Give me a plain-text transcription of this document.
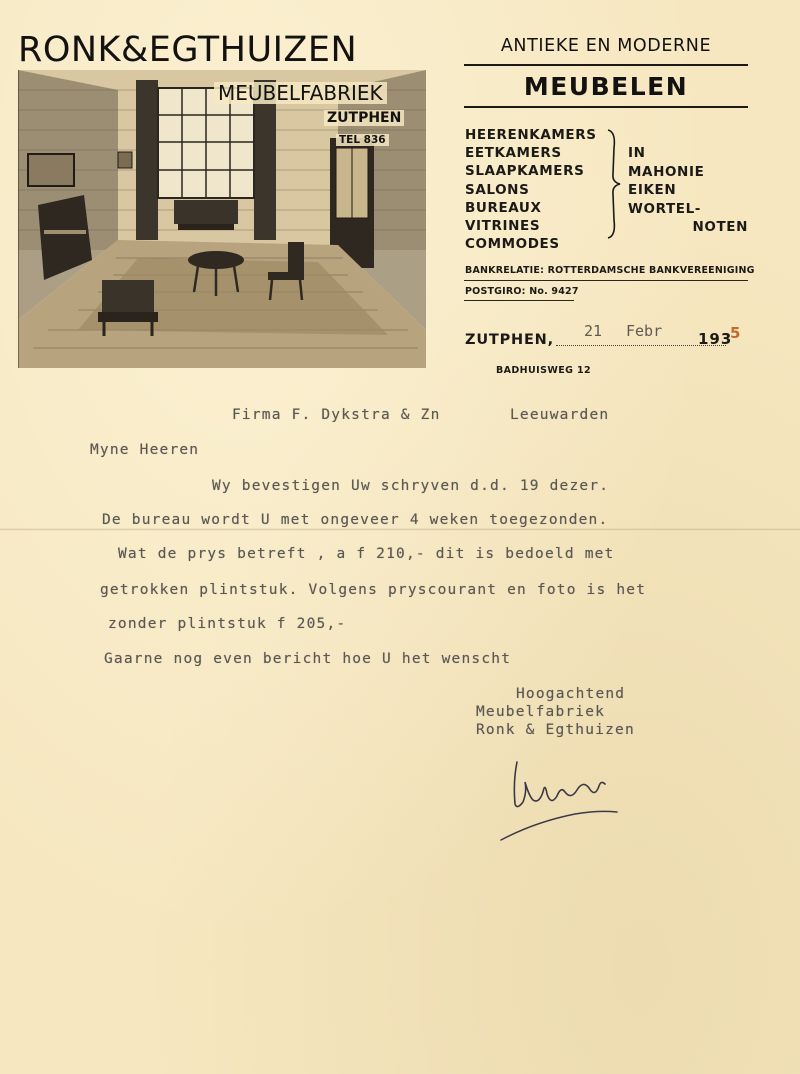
RONK&EGTHUIZEN
MEUBELFABRIEK
ZUTPHEN
TEL 836
ANTIEKE EN MODERNE
MEUBELEN
HEERENKAMERS
EETKAMERS
SLAAPKAMERS
SALONS
BUREAUX
VITRINES
COMMODES
IN
MAHONIE
EIKEN
WORTEL-
NOTEN
BANKRELATIE: ROTTERDAMSCHE BANKVEREENIGING
POSTGIRO: No. 9427
ZUTPHEN, 21 Febr 193
5
BADHUISWEG 12
Firma F. Dykstra & Zn	Leeuwarden
Myne Heeren
Wy bevestigen Uw schryven d.d. 19 dezer.
De bureau wordt U met ongeveer 4 weken toegezonden.
Wat de prys betreft , a f 210,- dit is bedoeld met
getrokken plintstuk. Volgens pryscourant en foto is het
zonder plintstuk f 205,-
Gaarne nog even bericht hoe U het wenscht
Hoogachtend
Meubelfabriek
Ronk & Egthuizen
